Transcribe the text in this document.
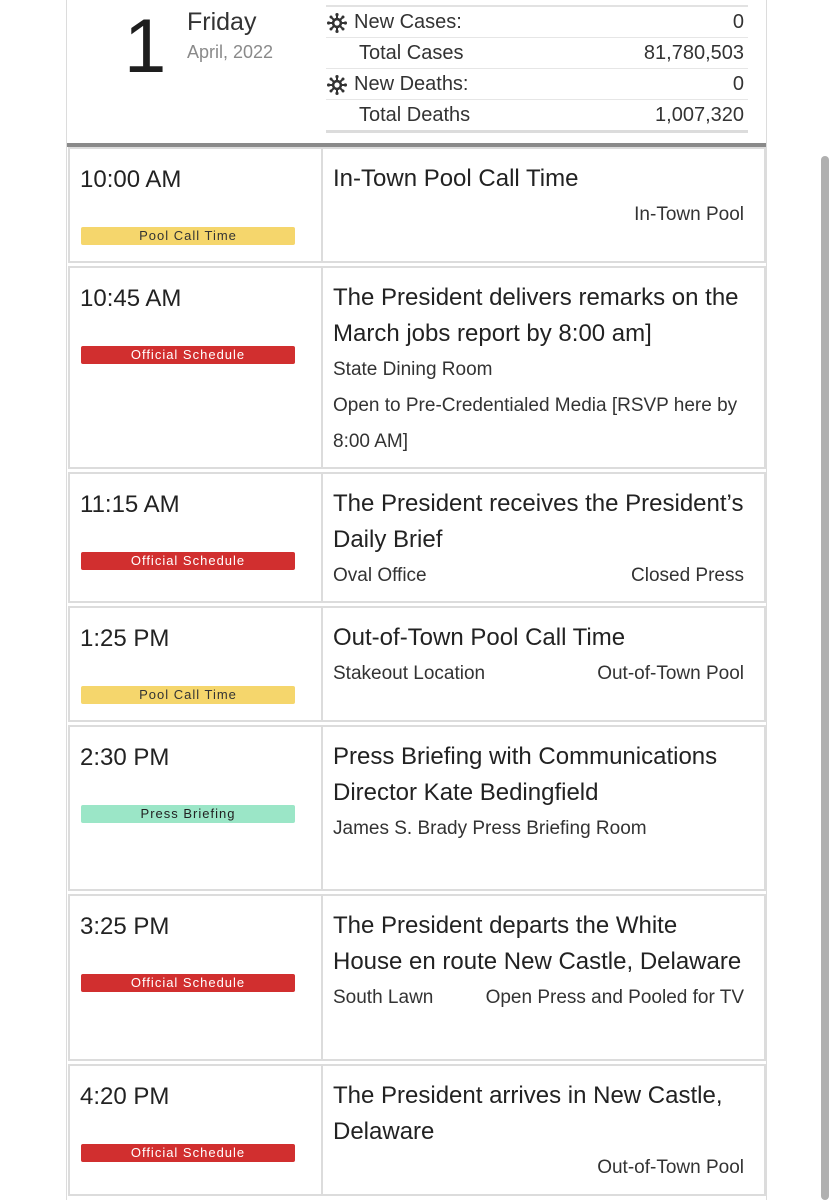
1 Friday
April, 2022
New Cases:	0
Total Cases	81,780,503
New Deaths:	0
Total Deaths	1,007,320
10:00 AM
Pool Call Time
In-Town Pool Call Time
In-Town Pool
10:45 AM
Official Schedule
The President delivers remarks on the March jobs report by 8:00 am]
State Dining Room
Open to Pre-Credentialed Media [RSVP here by 8:00 AM]
11:15 AM
Official Schedule
The President receives the President’s Daily Brief
Oval Office	Closed Press
1:25 PM
Pool Call Time
Out-of-Town Pool Call Time
Stakeout Location	Out-of-Town Pool
2:30 PM
Press Briefing
Press Briefing with Communications Director Kate Bedingfield
James S. Brady Press Briefing Room
3:25 PM
Official Schedule
The President departs the White House en route New Castle, Delaware
South Lawn	Open Press and Pooled for TV
4:20 PM
Official Schedule
The President arrives in New Castle, Delaware
Out-of-Town Pool
